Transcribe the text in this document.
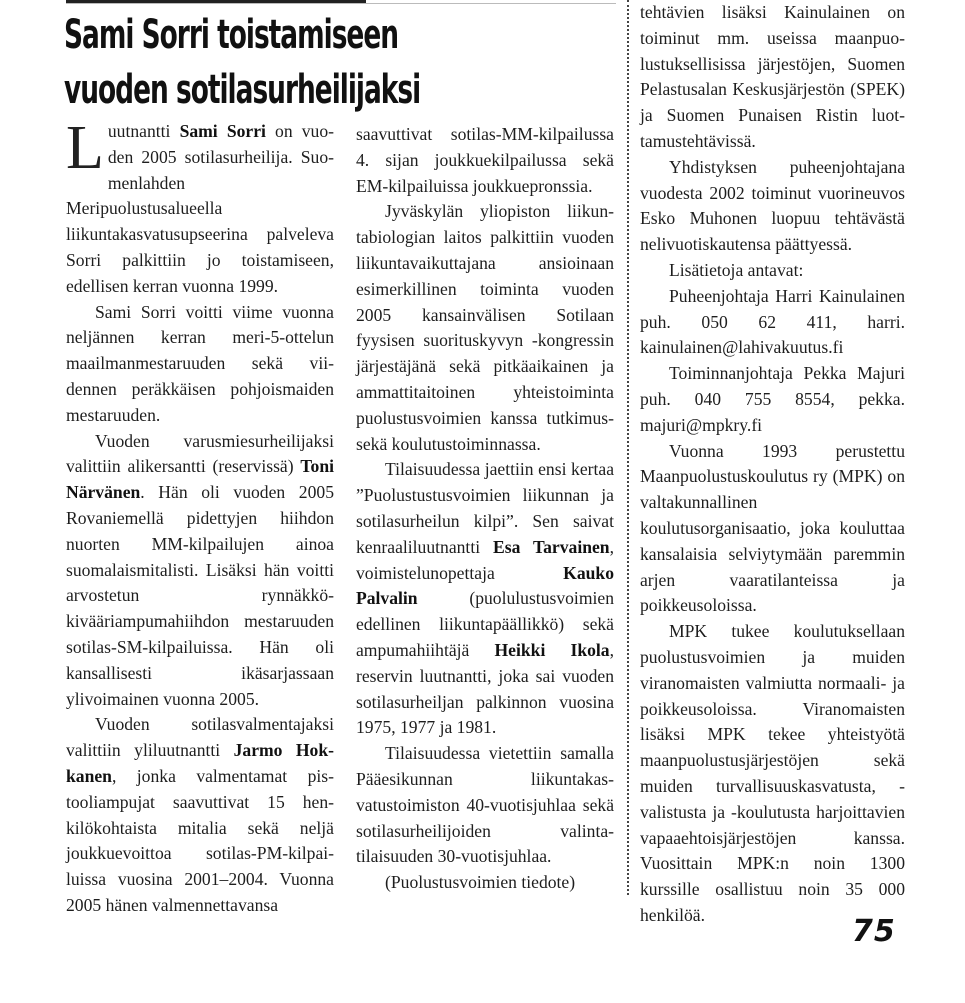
Sami Sorri toistamiseen
vuoden sotilasurheilijaksi

Luutnantti Sami Sorri on vuoden 2005 sotilasurheilija. Suomenlahden Meripuolustusalueella liikuntakasvatusupseerina palveleva Sorri palkittiin jo toistamiseen, edellisen kerran vuonna 1999.

Sami Sorri voitti viime vuonna neljännen kerran meri-5-ottelun maailmanmestaruuden sekä viidennen peräkkäisen pohjoismaiden mestaruuden.

Vuoden varusmiesurheilijaksi valittiin alikersantti (reservissä) Toni Närvänen. Hän oli vuoden 2005 Rovaniemellä pidettyjen hiihdon nuorten MM-kilpailujen ainoa suomalaismitalisti. Lisäksi hän voitti arvostetun rynnäkkökivääriampumahiihdon mestaruuden sotilas-SM-kilpailuissa. Hän oli kansallisesti ikäsarjassaan ylivoimainen vuonna 2005.

Vuoden sotilasvalmentajaksi valittiin yliluutnantti Jarmo Hokkanen, jonka valmentamat pistooliampujat saavuttivat 15 henkilökohtaista mitalia sekä neljä joukkuevoittoa sotilas-PM-kilpailuissa vuosina 2001–2004. Vuonna 2005 hänen valmennettavansa

saavuttivat sotilas-MM-kilpailussa 4. sijan joukkuekilpailussa sekä EM-kilpailuissa joukkuepronssia.

Jyväskylän yliopiston liikuntabiologian laitos palkittiin vuoden liikuntavaikuttajana ansioinaan esimerkillinen toiminta vuoden 2005 kansainvälisen Sotilaan fyysisen suorituskyvyn -kongressin järjestäjänä sekä pitkäaikainen ja ammattitaitoinen yhteistoiminta puolustusvoimien kanssa tutkimus- sekä koulutustoiminnassa.

Tilaisuudessa jaettiin ensi kertaa ”Puolustustusvoimien liikunnan ja sotilasurheilun kilpi”. Sen saivat kenraaliluutnantti Esa Tarvainen, voimistelunopettaja Kauko Palvalin (puolulustusvoimien edellinen liikuntapäällikkö) sekä ampumahiihtäjä Heikki Ikola, reservin luutnantti, joka sai vuoden sotilasurheiljan palkinnon vuosina 1975, 1977 ja 1981.

Tilaisuudessa vietettiin samalla Pääesikunnan liikuntakasvatustoimiston 40-vuotisjuhlaa sekä sotilasurheilijoiden valintatilaisuuden 30-vuotisjuhlaa.

(Puolustusvoimien tiedote)

tehtävien lisäksi Kainulainen on toiminut mm. useissa maanpuolustuksellisissa järjestöjen, Suomen Pelastusalan Keskusjärjestön (SPEK) ja Suomen Punaisen Ristin luottamustehtävissä.

Yhdistyksen puheenjohtajana vuodesta 2002 toiminut vuorineuvos Esko Muhonen luopuu tehtävästä nelivuotiskautensa päättyessä.

Lisätietoja antavat:

Puheenjohtaja Harri Kainulainen puh. 050 62 411, harri. kainulainen@lahivakuutus.fi

Toiminnanjohtaja Pekka Majuri puh. 040 755 8554, pekka. majuri@mpkry.fi

Vuonna 1993 perustettu Maanpuolustuskoulutus ry (MPK) on valtakunnallinen koulutusorganisaatio, joka kouluttaa kansalaisia selviytymään paremmin arjen vaaratilanteissa ja poikkeusoloissa.

MPK tukee koulutuksellaan puolustusvoimien ja muiden viranomaisten valmiutta normaali- ja poikkeusoloissa. Viranomaisten lisäksi MPK tekee yhteistyötä maanpuolustusjärjestöjen sekä muiden turvallisuuskasvatusta, -valistusta ja -koulutusta harjoittavien vapaaehtoisjärjestöjen kanssa. Vuosittain MPK:n noin 1300 kurssille osallistuu noin 35 000 henkilöä.	75
